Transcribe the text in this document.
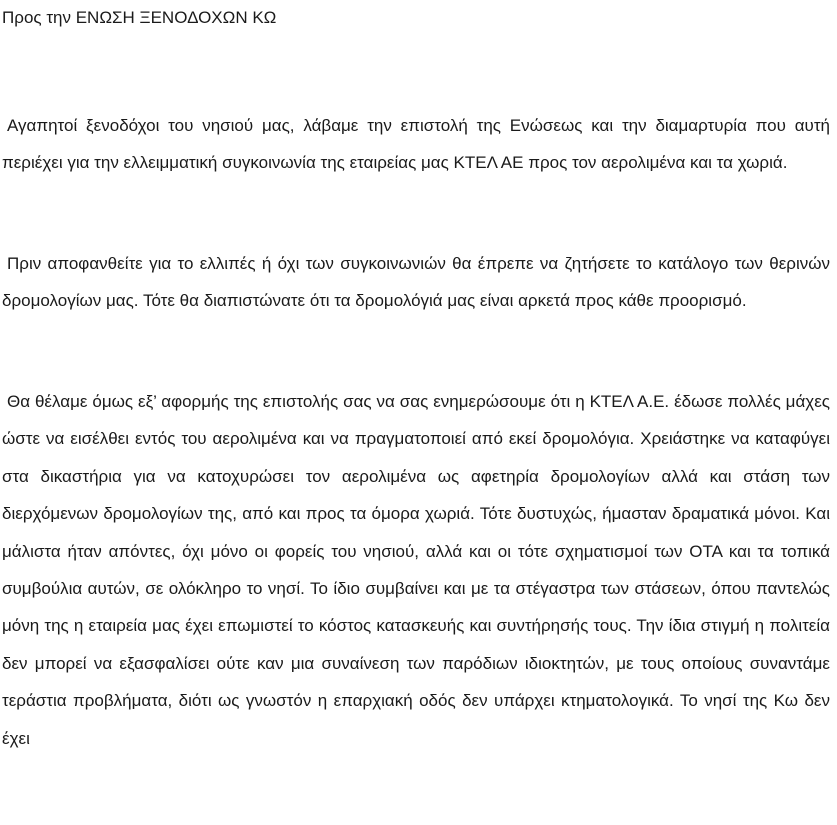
Προς την ΕΝΩΣΗ ΞΕΝΟΔΟΧΩΝ ΚΩ

Αγαπητοί ξενοδόχοι του νησιού μας, λάβαμε την επιστολή της Ενώσεως και την διαμαρτυρία που αυτή περιέχει για την ελλειμματική συγκοινωνία της εταιρείας μας ΚΤΕΛ ΑΕ προς τον αερολιμένα και τα χωριά.

Πριν αποφανθείτε για το ελλιπές ή όχι των συγκοινωνιών θα έπρεπε να ζητήσετε το κατάλογο των θερινών δρομολογίων μας. Τότε θα διαπιστώνατε ότι τα δρομολόγιά μας είναι αρκετά προς κάθε προορισμό.

Θα θέλαμε όμως εξ’ αφορμής της επιστολής σας να σας ενημερώσουμε ότι η ΚΤΕΛ Α.Ε. έδωσε πολλές μάχες ώστε να εισέλθει εντός του αερολιμένα και να πραγματοποιεί από εκεί δρομολόγια. Χρειάστηκε να καταφύγει στα δικαστήρια για να κατοχυρώσει τον αερολιμένα ως αφετηρία δρομολογίων αλλά και στάση των διερχόμενων δρομολογίων της, από και προς τα όμορα χωριά. Τότε δυστυχώς, ήμασταν δραματικά μόνοι. Και μάλιστα ήταν απόντες, όχι μόνο οι φορείς του νησιού, αλλά και οι τότε σχηματισμοί των ΟΤΑ και τα τοπικά συμβούλια αυτών, σε ολόκληρο το νησί. Το ίδιο συμβαίνει και με τα στέγαστρα των στάσεων, όπου παντελώς μόνη της η εταιρεία μας έχει επωμιστεί το κόστος κατασκευής και συντήρησής τους. Την ίδια στιγμή η πολιτεία δεν μπορεί να εξασφαλίσει ούτε καν μια συναίνεση των παρόδιων ιδιοκτητών, με τους οποίους συναντάμε τεράστια προβλήματα, διότι ως γνωστόν η επαρχιακή οδός δεν υπάρχει κτηματολογικά. Το νησί της Κω δεν έχει
